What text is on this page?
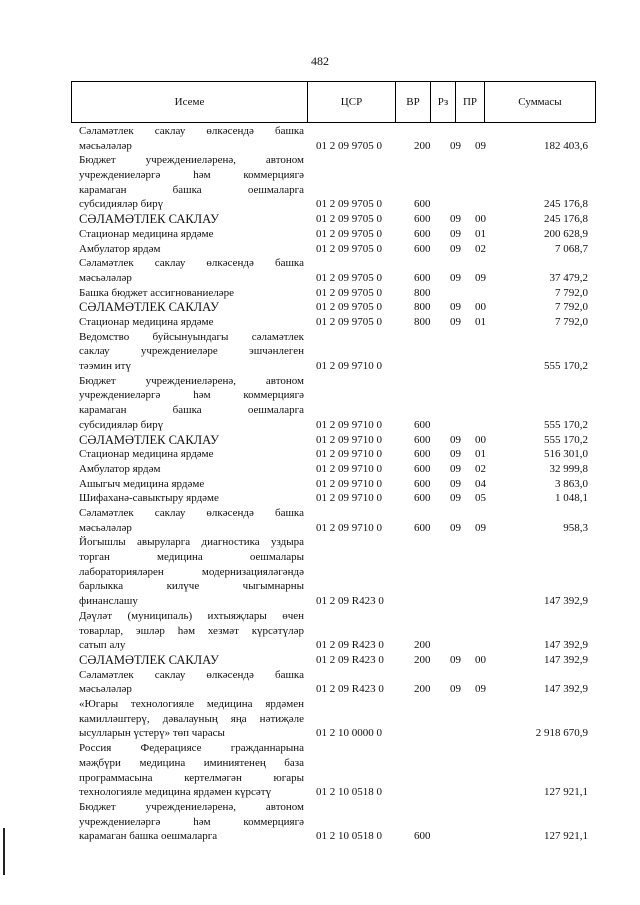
482
Исеме	ЦСР	ВР	Рз	ПР	Суммасы
Сәламәтлек саклау өлкәсендә башка
мәсьәләләр	01 2 09 9705 0	200 09 09	182 403,6
Бюджет учреждениеләренә, автоном
учреждениеләргә һәм коммерциягә
карамаган башка оешмаларга
субсидияләр бирү	01 2 09 9705 0	600	245 176,8
СӘЛАМӘТЛЕК САКЛАУ	01 2 09 9705 0	600 09 00	245 176,8
Стационар медицина ярдәме	01 2 09 9705 0	600 09 01	200 628,9
Амбулатор ярдәм	01 2 09 9705 0	600 09 02	7 068,7
Сәламәтлек саклау өлкәсендә башка
мәсьәләләр	01 2 09 9705 0	600 09 09	37 479,2
Башка бюджет ассигнованиеләре	01 2 09 9705 0	800	7 792,0
СӘЛАМӘТЛЕК САКЛАУ	01 2 09 9705 0	800 09 00	7 792,0
Стационар медицина ярдәме	01 2 09 9705 0	800 09 01	7 792,0
Ведомство буйсынуындагы сәламәтлек
саклау учреждениеләре эшчәнлеген
тәэмин итү	01 2 09 9710 0	555 170,2
Бюджет учреждениеләренә, автоном
учреждениеләргә һәм коммерциягә
карамаган башка оешмаларга
субсидияләр бирү	01 2 09 9710 0	600	555 170,2
СӘЛАМӘТЛЕК САКЛАУ	01 2 09 9710 0	600 09 00	555 170,2
Стационар медицина ярдәме	01 2 09 9710 0	600 09 01	516 301,0
Амбулатор ярдәм	01 2 09 9710 0	600 09 02	32 999,8
Ашыгыч медицина ярдәме	01 2 09 9710 0	600 09 04	3 863,0
Шифаханә-савыктыру ярдәме	01 2 09 9710 0	600 09 05	1 048,1
Сәламәтлек саклау өлкәсендә башка
мәсьәләләр	01 2 09 9710 0	600 09 09	958,3
Йогышлы авыруларга диагностика уздыра
торган медицина оешмалары
лабораторияләрен модернизацияләгәндә
барлыкка килүче чыгымнарны
финанслашу	01 2 09 R423 0	147 392,9
Дәүләт (муниципаль) ихтыяҗлары өчен
товарлар, эшләр һәм хезмәт күрсәтүләр
сатып алу	01 2 09 R423 0	200	147 392,9
СӘЛАМӘТЛЕК САКЛАУ	01 2 09 R423 0	200 09 00	147 392,9
Сәламәтлек саклау өлкәсендә башка
мәсьәләләр	01 2 09 R423 0	200 09 09	147 392,9
«Югары технологияле медицина ярдәмен
камилләштерү, дәвалауның яңа нәтиҗәле
ысулларын үстерү» төп чарасы	01 2 10 0000 0	2 918 670,9
Россия Федерациясе гражданнарына
мәҗбүри медицина иминиятенең база
программасына кертелмәгән югары
технологияле медицина ярдәмен күрсәтү	01 2 10 0518 0	127 921,1
Бюджет учреждениеләренә, автоном
учреждениеләргә һәм коммерциягә
карамаган башка оешмаларга	01 2 10 0518 0	600	127 921,1
